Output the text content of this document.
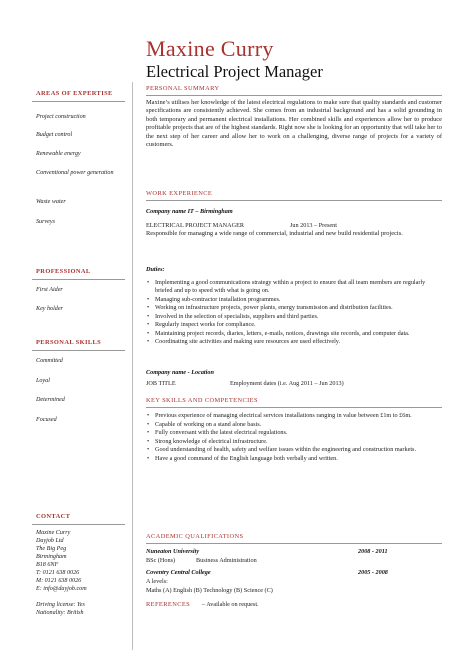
Maxine Curry
Electrical Project Manager
AREAS OF EXPERTISE
Project construction
Budget control
Renewable energy
Conventional power generation
Waste water
Surveys
PROFESSIONAL
First Aider
Key holder
PERSONAL SKILLS
Committed
Loyal
Determined
Focused
CONTACT
Maxine Curry
Dayjob Ltd
The Big Peg
Birmingham
B18 6NF
T: 0121 638 0026
M: 0121 638 0026
E: info@dayjob.com
Driving license: Yes
Nationality: British
PERSONAL SUMMARY
Maxine’s utilises her knowledge of the latest electrical regulations to make sure that quality standards and customer specifications are consistently achieved. She comes from an industrial background and has a solid grounding in both temporary and permanent electrical installations. Her combined skills and experiences allow her to produce profitable projects that are of the highest standards. Right now she is looking for an opportunity that will take her to the next step of her career and allow her to work on a challenging, diverse range of projects for a variety of customers.
WORK EXPERIENCE
Company name IT – Birmingham
ELECTRICAL PROJECT MANAGER	Jun 2013 – Present
Responsible for managing a wide range of commercial, industrial and new build residential projects.
Duties:
• Implementing a good communications strategy within a project to ensure that all team members are regularly briefed and up to speed with what is going on.
• Managing sub-contractor installation programmes.
• Working on infrastructure projects, power plants, energy transmission and distribution facilities.
• Involved in the selection of specialists, suppliers and third parties.
• Regularly inspect works for compliance.
• Maintaining project records, diaries, letters, e-mails, notices, drawings site records, and computer data.
• Coordinating site activities and making sure resources are used effectively.
Company name - Location
JOB TITLE	Employment dates (i.e. Aug 2011 – Jun 2013)
KEY SKILLS AND COMPETENCIES
• Previous experience of managing electrical services installations ranging in value between £1m to £6m.
• Capable of working on a stand alone basis.
• Fully conversant with the latest electrical regulations.
• Strong knowledge of electrical infrastructure.
• Good understanding of health, safety and welfare issues within the engineering and construction markets.
• Have a good command of the English language both verbally and written.
ACADEMIC QUALIFICATIONS
Nuneaton University	2008 - 2011
BSc (Hons)	Business Administration
Coventry Central College	2005 - 2008
A levels:
Maths (A) English (B) Technology (B) Science (C)
REFERENCES – Available on request.
